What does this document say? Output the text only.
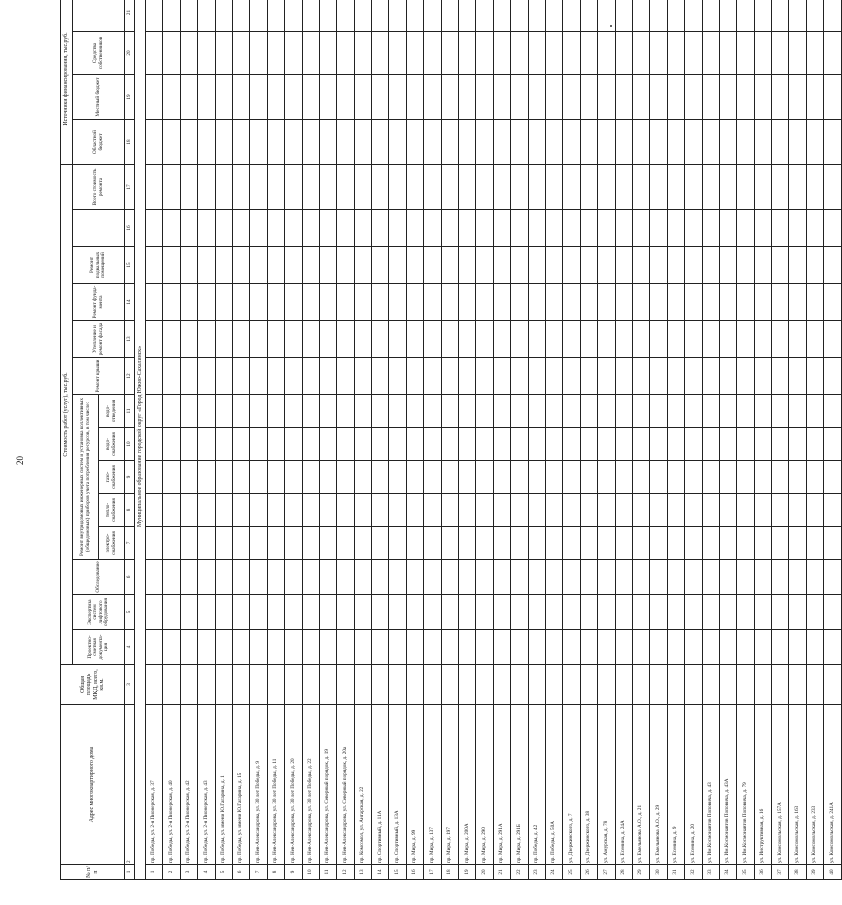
20
№ п/п	Адрес многоквартирного дома	Общая площадь МКД, всего, кв.м.	Стоимость работ (услуг), тыс.руб.														Источники финансирования, тыс.руб.			
			Проектно-сметная документа-ция	Экспертиза систем лифтового обрудования	Обследование	Ремонт внутридомовых инженерных систем и установка коллективных (общедомовых) приборов учета потребления ресурсов, в том числе:					Ремонт крыши	Утепление и ремонт фасада	Ремонт фунда-мента	Ремонт подвальных помещений		Всего стоимость ремонта	Областной бюджет	Местный бюджет	Средства собственников	
						электро-снабжения	тепло-снабжения	газо-снабжения	водо-снабжения	водо-отведения										
1	2	3	4	5	6	7	8	9	10	11	12	13	14	15	16	17	18	19	20	21
Муниципальное образование городской округ «Город Южно-Сахалинск»																				
1	пр. Победы, ул. 2-я Пионерская, д. 37																			
2	пр. Победы, ул. 2-я Пионерская, д. 40																			
3	пр. Победы, ул. 2-я Пионерская, д. 42																			
4	пр. Победы, ул. 2-я Пионерская, д. 43																			
5	пр. Победы, ул. имени Ю.Гагарина, д. 1																			
6	пр. Победы, ул. имени Ю.Гагарина, д. 15																			
7	пр. Нев-Александрова, ул. 30 лет Победы, д. 9																			
8	пр. Нев-Александрова, ул. 30 лет Победы, д. 11																			
9	пр. Нев-Александрова, ул. 30 лет Победы, д. 20																			
10	пр. Нев-Александрова, ул. 30 лет Победы, д. 22																			
11	пр. Нев-Александрова, ул. Северный порядок, д. 19																			
12	пр. Нев-Александрова, ул. Северный порядок, д. 20а																			
13	пр. Комсомол, ул. Ангарская, д. 22																			
14	пр. Спортивный, д. 11А																			
15	пр. Спортивный, д. 13А																			
16	пр. Мира, д. 99																			
17	пр. Мира, д. 137																			
18	пр. Мира, д. 197																			
19	пр. Мира, д. 200А																			
20	пр. Мира, д. 290																			
21	пр. Мира, д. 291А																			
22	пр. Мира, д. 291Б																			
23	пр. Победы, д. 42																			
24	пр. Победы, д. 50А																			
25	ул. Дзержинского, д. 7																			
26	ул. Дзержинского, д. 38																			
27	ул. Амурская, д. 78																			
28	ул. Есенина, д. 24А																			
29	ул. Емельянова А.О., д. 21																			
30	ул. Емельянова А.О., д. 29																			
31	ул. Есенина, д. 9																			
32	ул. Есенина, д. 20																			
33	ул. Им.Космонавтов Поповича, д. 43																			
34	ул. Им.Космонавтов Поповича, д. 43А																			
35	ул. Им.Космонавтов Поповича, д. 79																			
36	ул. Инструктивная, д. 16																			
37	ул. Комсомольская, д. 157А																			
38	ул. Комсомольская, д. 163																			
39	ул. Комсомольская, д. 233																			
40	ул. Комсомольская, д. 241А																			
